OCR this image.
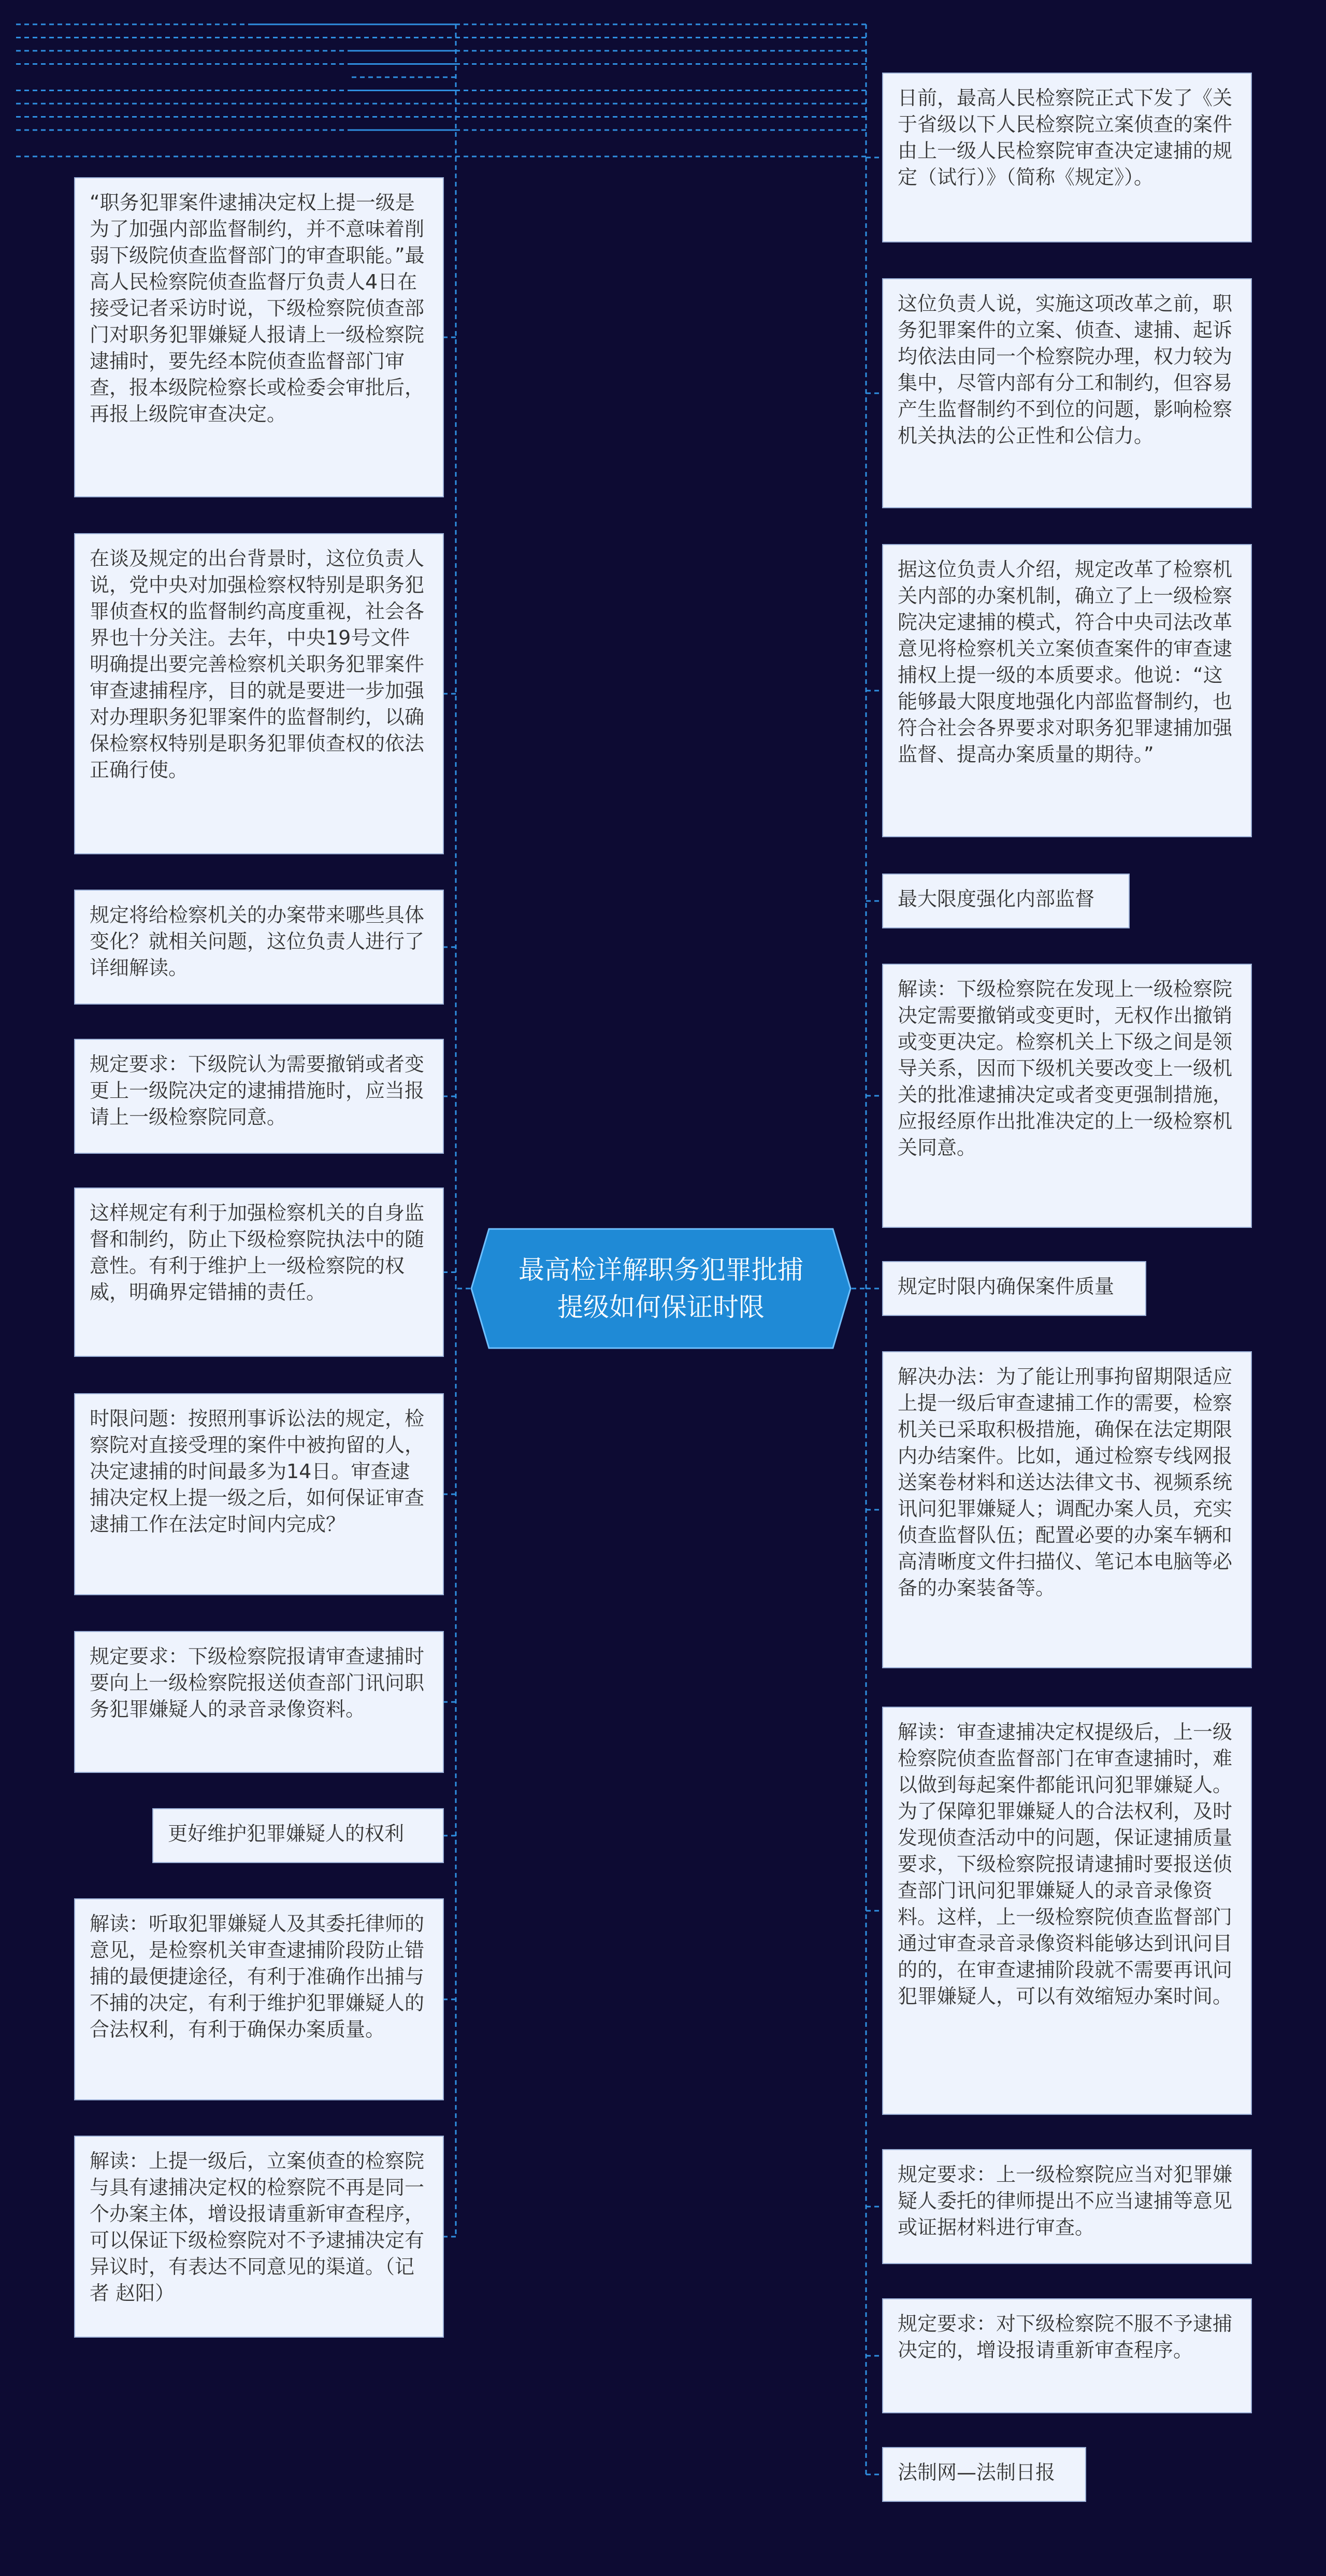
最高检详解职务犯罪批捕提级如何保证时限
“职务犯罪案件逮捕决定权上提一级是为了加强内部监督制约，并不意味着削弱下级院侦查监督部门的审查职能。”最高人民检察院侦查监督厅负责人4日在接受记者采访时说，下级检察院侦查部门对职务犯罪嫌疑人报请上一级检察院逮捕时，要先经本院侦查监督部门审查，报本级院检察长或检委会审批后，再报上级院审查决定。
在谈及规定的出台背景时，这位负责人说，党中央对加强检察权特别是职务犯罪侦查权的监督制约高度重视，社会各界也十分关注。去年，中央19号文件明确提出要完善检察机关职务犯罪案件审查逮捕程序，目的就是要进一步加强对办理职务犯罪案件的监督制约，以确保检察权特别是职务犯罪侦查权的依法正确行使。
规定将给检察机关的办案带来哪些具体变化？就相关问题，这位负责人进行了详细解读。
规定要求：下级院认为需要撤销或者变更上一级院决定的逮捕措施时，应当报请上一级检察院同意。
这样规定有利于加强检察机关的自身监督和制约，防止下级检察院执法中的随意性。有利于维护上一级检察院的权威，明确界定错捕的责任。
时限问题：按照刑事诉讼法的规定，检察院对直接受理的案件中被拘留的人，决定逮捕的时间最多为14日。审查逮捕决定权上提一级之后，如何保证审查逮捕工作在法定时间内完成？
规定要求：下级检察院报请审查逮捕时要向上一级检察院报送侦查部门讯问职务犯罪嫌疑人的录音录像资料。
更好维护犯罪嫌疑人的权利
解读：听取犯罪嫌疑人及其委托律师的意见，是检察机关审查逮捕阶段防止错捕的最便捷途径，有利于准确作出捕与不捕的决定，有利于维护犯罪嫌疑人的合法权利，有利于确保办案质量。
解读：上提一级后，立案侦查的检察院与具有逮捕决定权的检察院不再是同一个办案主体，增设报请重新审查程序，可以保证下级检察院对不予逮捕决定有异议时，有表达不同意见的渠道。（记者 赵阳）
日前，最高人民检察院正式下发了《关于省级以下人民检察院立案侦查的案件由上一级人民检察院审查决定逮捕的规定（试行）》（简称《规定》）。
这位负责人说，实施这项改革之前，职务犯罪案件的立案、侦查、逮捕、起诉均依法由同一个检察院办理，权力较为集中，尽管内部有分工和制约，但容易产生监督制约不到位的问题，影响检察机关执法的公正性和公信力。
据这位负责人介绍，规定改革了检察机关内部的办案机制，确立了上一级检察院决定逮捕的模式，符合中央司法改革意见将检察机关立案侦查案件的审查逮捕权上提一级的本质要求。他说：“这能够最大限度地强化内部监督制约，也符合社会各界要求对职务犯罪逮捕加强监督、提高办案质量的期待。”
最大限度强化内部监督
解读：下级检察院在发现上一级检察院决定需要撤销或变更时，无权作出撤销或变更决定。检察机关上下级之间是领导关系，因而下级机关要改变上一级机关的批准逮捕决定或者变更强制措施，应报经原作出批准决定的上一级检察机关同意。
规定时限内确保案件质量
解决办法：为了能让刑事拘留期限适应上提一级后审查逮捕工作的需要，检察机关已采取积极措施，确保在法定期限内办结案件。比如，通过检察专线网报送案卷材料和送达法律文书、视频系统讯问犯罪嫌疑人；调配办案人员，充实侦查监督队伍；配置必要的办案车辆和高清晰度文件扫描仪、笔记本电脑等必备的办案装备等。
解读：审查逮捕决定权提级后，上一级检察院侦查监督部门在审查逮捕时，难以做到每起案件都能讯问犯罪嫌疑人。为了保障犯罪嫌疑人的合法权利，及时发现侦查活动中的问题，保证逮捕质量要求，下级检察院报请逮捕时要报送侦查部门讯问犯罪嫌疑人的录音录像资料。这样，上一级检察院侦查监督部门通过审查录音录像资料能够达到讯问目的的，在审查逮捕阶段就不需要再讯问犯罪嫌疑人，可以有效缩短办案时间。
规定要求：上一级检察院应当对犯罪嫌疑人委托的律师提出不应当逮捕等意见或证据材料进行审查。
规定要求：对下级检察院不服不予逮捕决定的，增设报请重新审查程序。
法制网—法制日报
